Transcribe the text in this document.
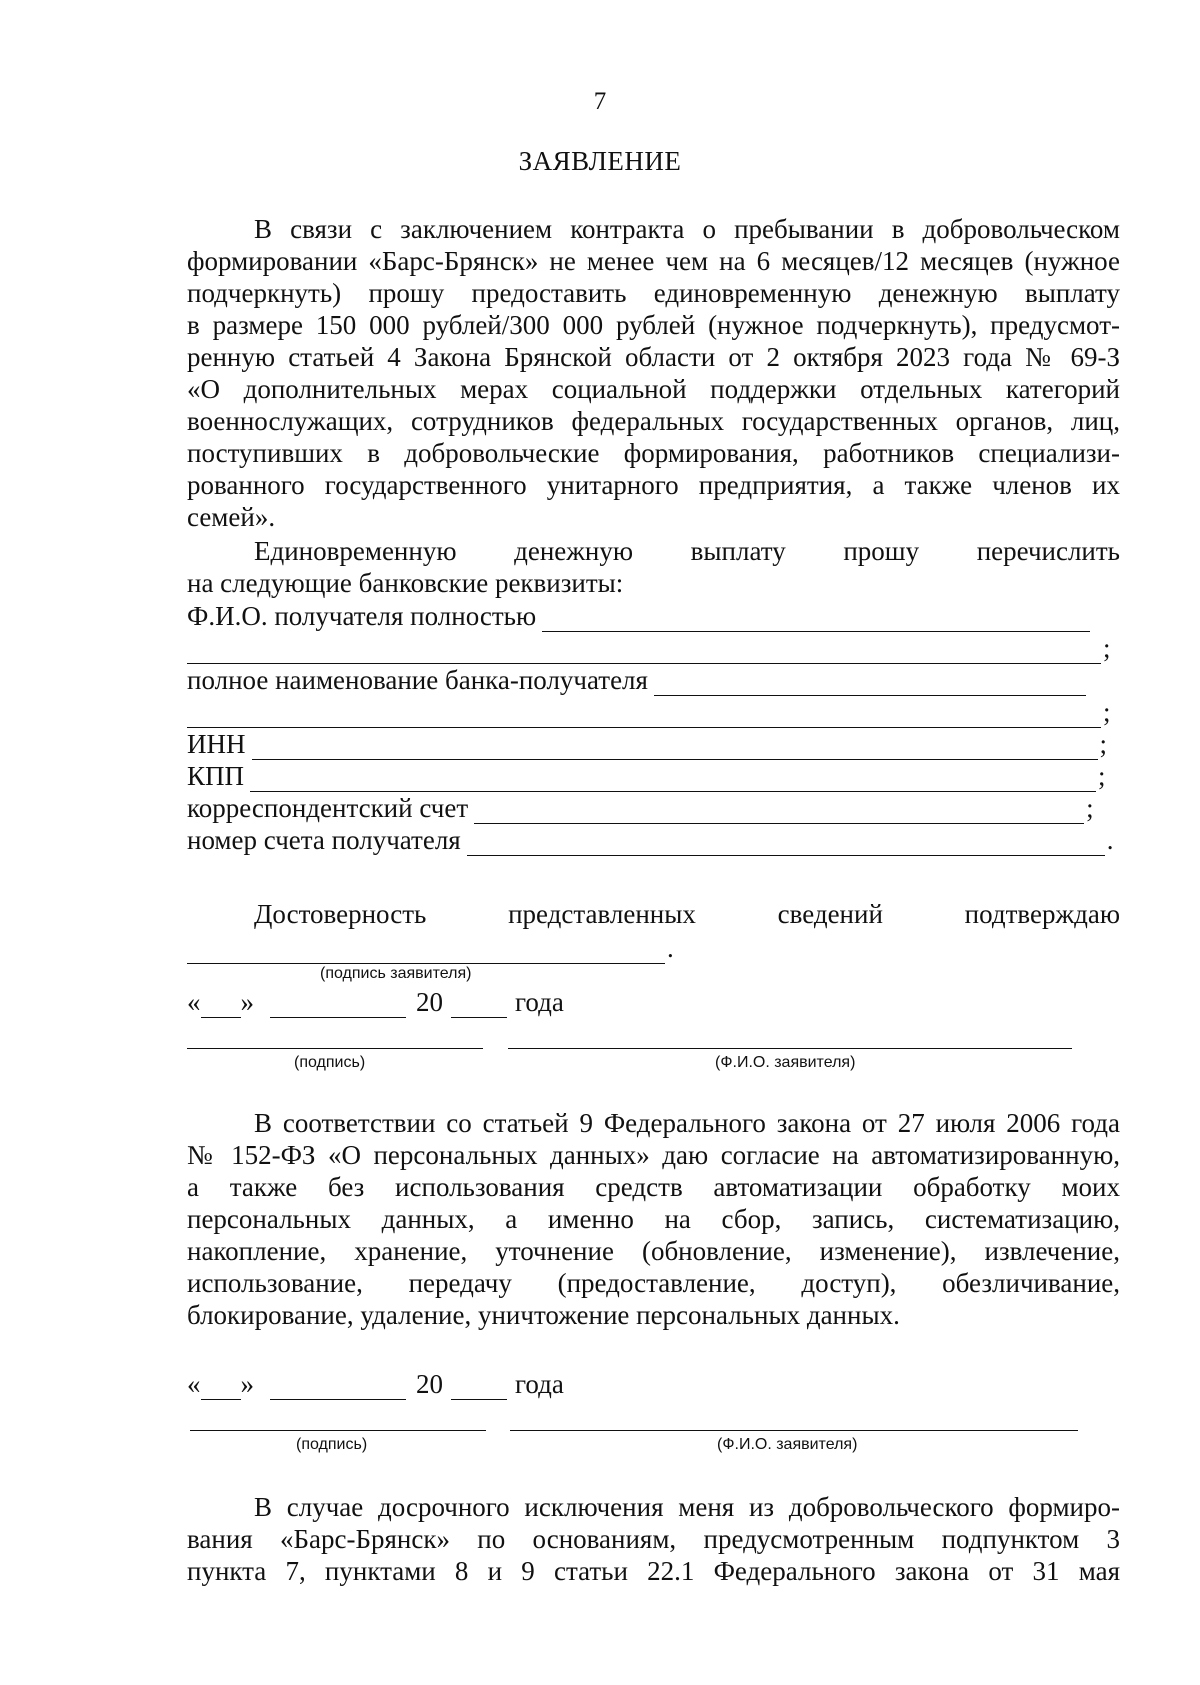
7
ЗАЯВЛЕНИЕ
В связи с заключением контракта о пребывании в добровольческом
формировании «Барс-Брянск» не менее чем на 6 месяцев/12 месяцев (нужное
подчеркнуть) прошу предоставить единовременную денежную выплату
в размере 150 000 рублей/300 000 рублей (нужное подчеркнуть), предусмот-
ренную статьей 4 Закона Брянской области от 2 октября 2023 года № 69-З
«О дополнительных мерах социальной поддержки отдельных категорий
военнослужащих, сотрудников федеральных государственных органов, лиц,
поступивших в добровольческие формирования, работников специализи-
рованного государственного унитарного предприятия, а также членов их
семей».
Единовременную денежную выплату прошу перечислить
на следующие банковские реквизиты:
Ф.И.О. получателя полностью
;
полное наименование банка-получателя
;
ИНН	;
КПП	;
корреспондентский счет	;
номер счета получателя	.
Достоверность представленных сведений подтверждаю
.
(подпись заявителя)
« »	20	года
(подпись)	(Ф.И.О. заявителя)
В соответствии со статьей 9 Федерального закона от 27 июля 2006 года
№ 152-ФЗ «О персональных данных» даю согласие на автоматизированную,
а также без использования средств автоматизации обработку моих
персональных данных, а именно на сбор, запись, систематизацию,
накопление, хранение, уточнение (обновление, изменение), извлечение,
использование, передачу (предоставление, доступ), обезличивание,
блокирование, удаление, уничтожение персональных данных.
« »	20	года
(подпись)	(Ф.И.О. заявителя)
В случае досрочного исключения меня из добровольческого формиро-
вания «Барс-Брянск» по основаниям, предусмотренным подпунктом 3
пункта 7, пунктами 8 и 9 статьи 22.1 Федерального закона от 31 мая
